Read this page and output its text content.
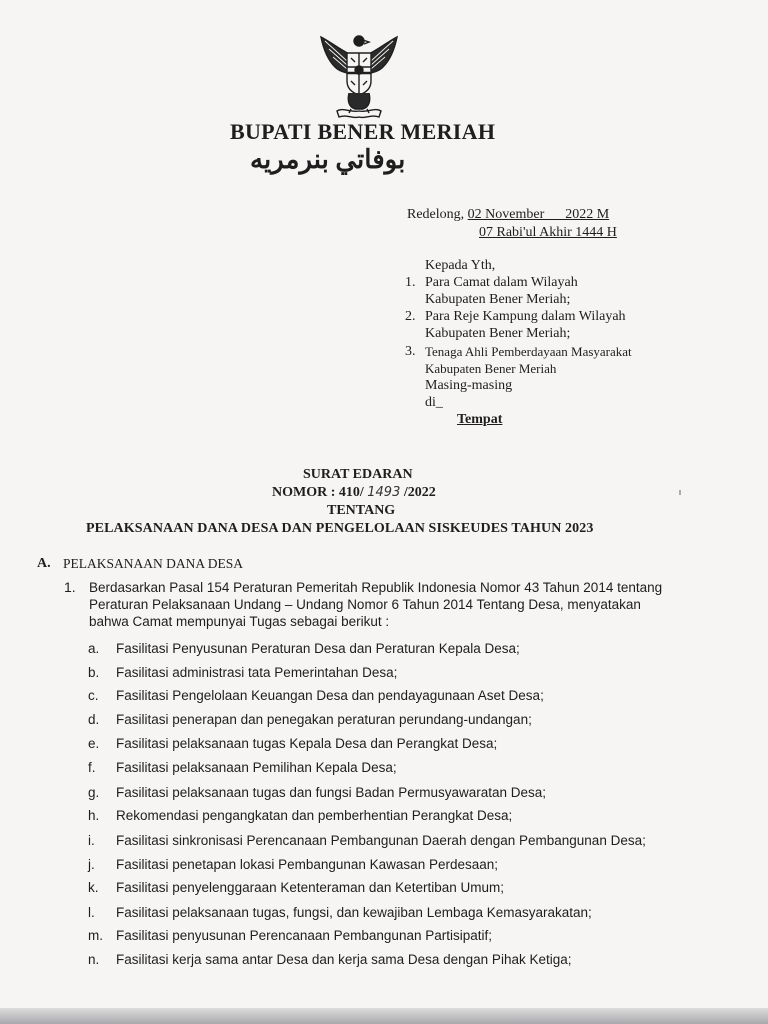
BUPATI BENER MERIAH
بوفاتي بنرمريه
Redelong, 02 November      2022 M
07 Rabi'ul Akhir 1444 H
Kepada Yth,
1. Para Camat dalam Wilayah
Kabupaten Bener Meriah;
2. Para Reje Kampung dalam Wilayah
Kabupaten Bener Meriah;
3. Tenaga Ahli Pemberdayaan Masyarakat
Kabupaten Bener Meriah
Masing-masing
di_
Tempat
SURAT EDARAN
NOMOR : 410/ 1493 /2022
TENTANG
PELAKSANAAN DANA DESA DAN PENGELOLAAN SISKEUDES TAHUN 2023
A. PELAKSANAAN DANA DESA
1. Berdasarkan Pasal 154 Peraturan Pemeritah Republik Indonesia Nomor 43 Tahun 2014 tentang
Peraturan Pelaksanaan Undang – Undang Nomor 6 Tahun 2014 Tentang Desa, menyatakan
bahwa Camat mempunyai Tugas sebagai berikut :
a. Fasilitasi Penyusunan Peraturan Desa dan Peraturan Kepala Desa;
b. Fasilitasi administrasi tata Pemerintahan Desa;
c. Fasilitasi Pengelolaan Keuangan Desa dan pendayagunaan Aset Desa;
d. Fasilitasi penerapan dan penegakan peraturan perundang-undangan;
e. Fasilitasi pelaksanaan tugas Kepala Desa dan Perangkat Desa;
f. Fasilitasi pelaksanaan Pemilihan Kepala Desa;
g. Fasilitasi pelaksanaan tugas dan fungsi Badan Permusyawaratan Desa;
h. Rekomendasi pengangkatan dan pemberhentian Perangkat Desa;
i. Fasilitasi sinkronisasi Perencanaan Pembangunan Daerah dengan Pembangunan Desa;
j. Fasilitasi penetapan lokasi Pembangunan Kawasan Perdesaan;
k. Fasilitasi penyelenggaraan Ketenteraman dan Ketertiban Umum;
l. Fasilitasi pelaksanaan tugas, fungsi, dan kewajiban Lembaga Kemasyarakatan;
m. Fasilitasi penyusunan Perencanaan Pembangunan Partisipatif;
n. Fasilitasi kerja sama antar Desa dan kerja sama Desa dengan Pihak Ketiga;
